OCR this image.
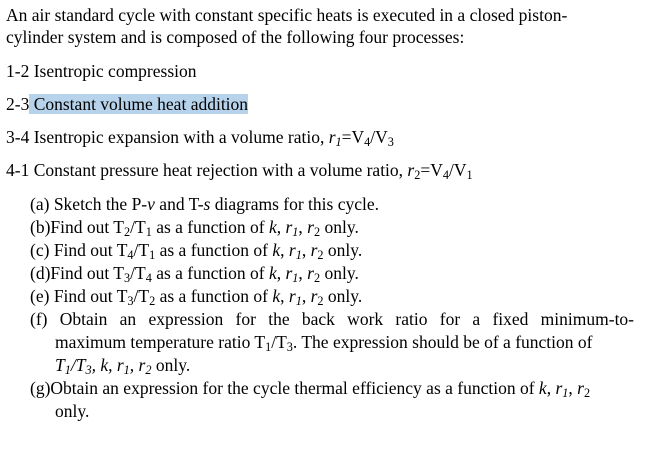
An air standard cycle with constant specific heats is executed in a closed piston-
cylinder system and is composed of the following four processes:
1-2 Isentropic compression
2-3 Constant volume heat addition
3-4 Isentropic expansion with a volume ratio, $r_1=V_4/V_3$
4-1 Constant pressure heat rejection with a volume ratio, $r_2=V_4/V_1$
(a) Sketch the P-v and T-s diagrams for this cycle.
(b)Find out $T_2/T_1$ as a function of k, $r_1$, $r_2$ only.
(c) Find out $T_4/T_1$ as a function of k, $r_1$, $r_2$ only.
(d)Find out $T_3/T_4$ as a function of k, $r_1$, $r_2$ only.
(e) Find out $T_3/T_2$ as a function of k, $r_1$, $r_2$ only.
(f) Obtain an expression for the back work ratio for a fixed minimum-to-
maximum temperature ratio $T_1/T_3$. The expression should be of a function of
$T_1/T_3$, k, $r_1$, $r_2$ only.
(g)Obtain an expression for the cycle thermal efficiency as a function of k, $r_1$, $r_2$
only.
